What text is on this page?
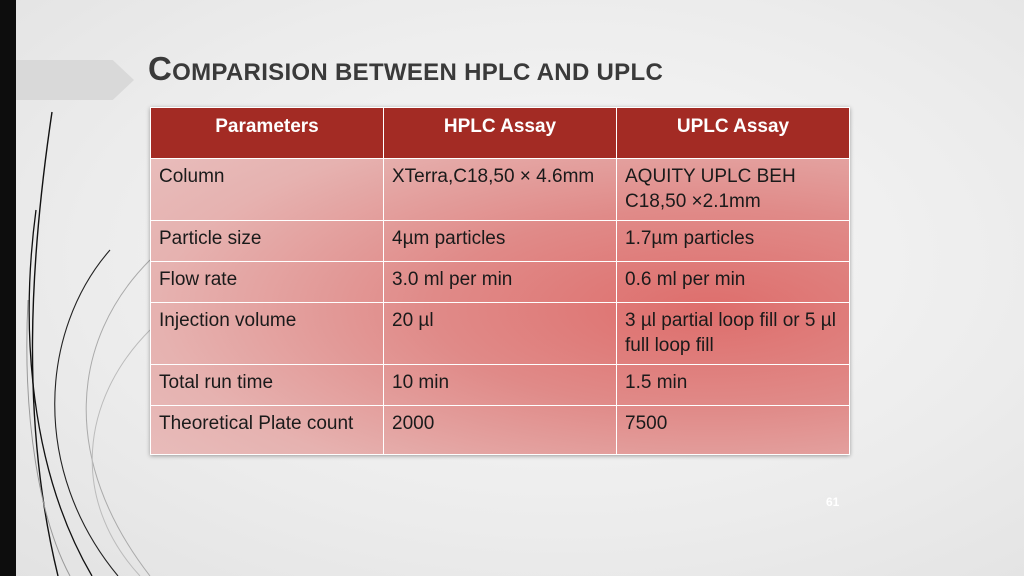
COMPARISION BETWEEN HPLC AND UPLC
Parameters	HPLC Assay	UPLC Assay
Column	XTerra,C18,50 × 4.6mm	AQUITY UPLC BEH C18,50 ×2.1mm
Particle size	4µm particles	1.7µm particles
Flow rate	3.0 ml per min	0.6 ml per min
Injection volume	20 µl	3 µl partial loop fill or 5 µl full loop fill
Total run time	10 min	1.5 min
Theoretical Plate count	2000	7500
61
